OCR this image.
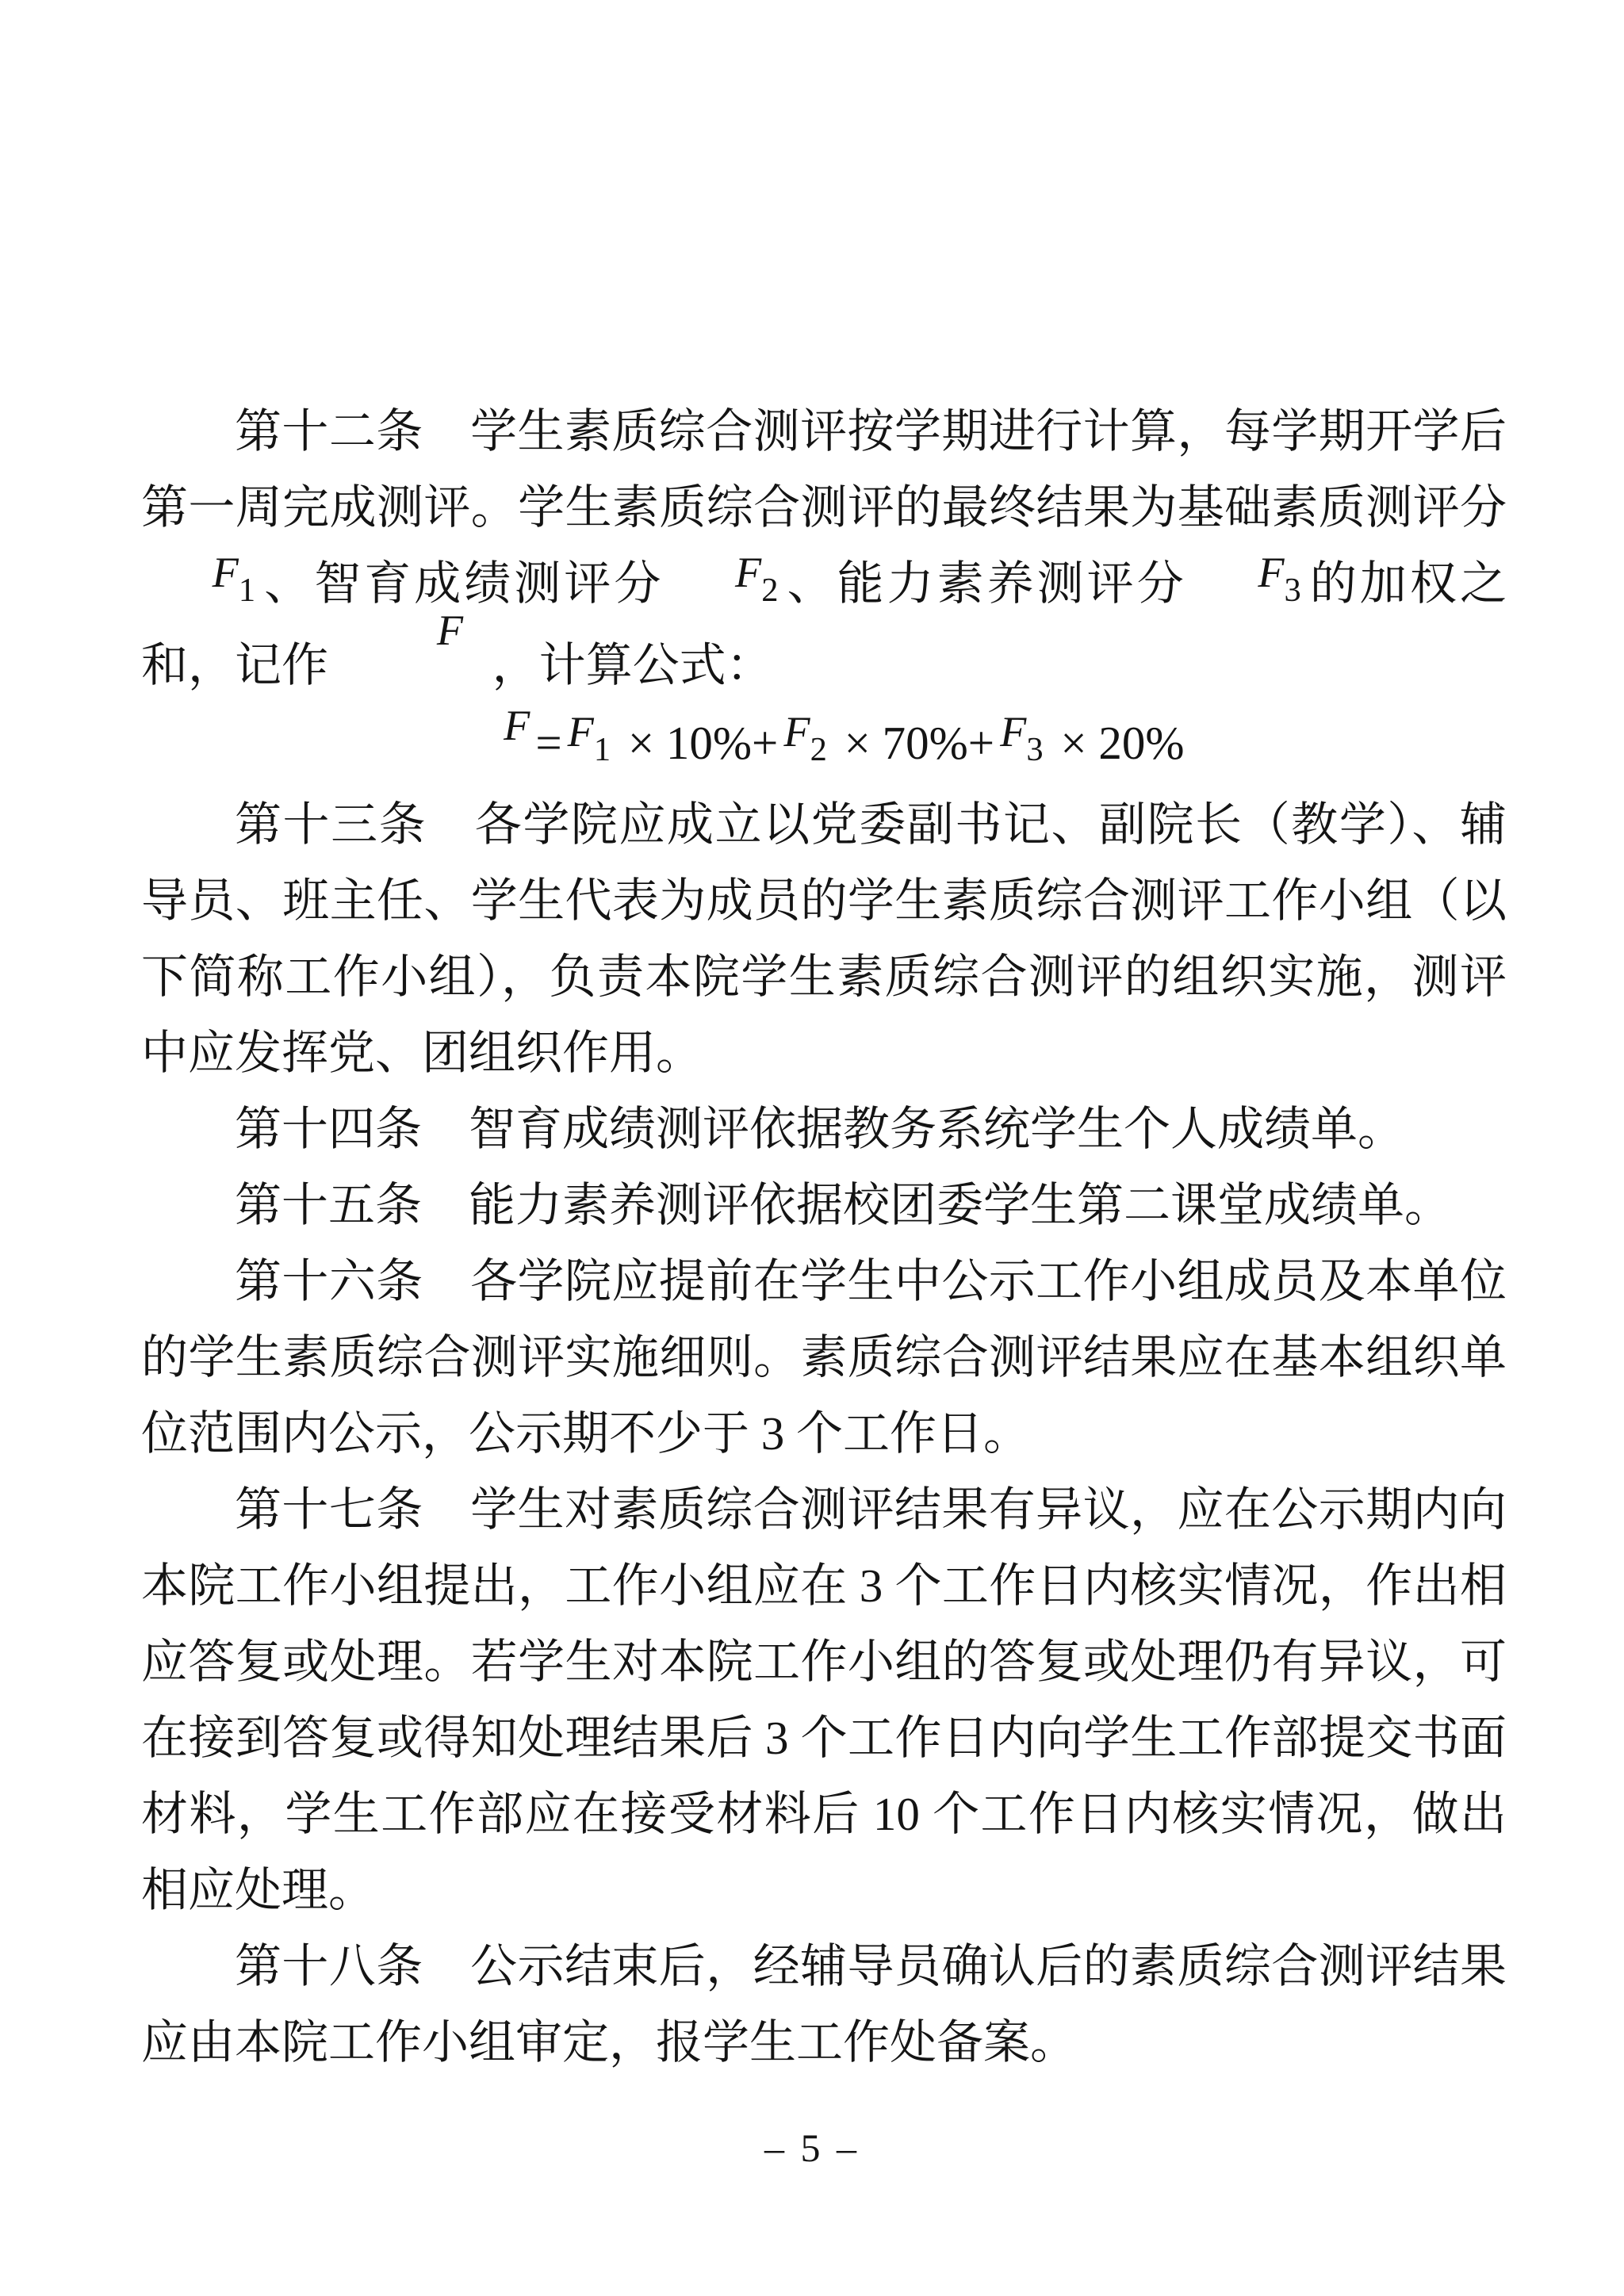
第十二条　学生素质综合测评按学期进行计算，每学期开学后第一周完成测评。学生素质综合测评的最终结果为基础素质测评分F1 、智育成绩测评分 F2 、能力素养测评分 F3 的加权之和，记作F，计算公式：

F = F1 × 10%+ F2 × 70%+ F3 × 20%

第十三条　各学院应成立以党委副书记、副院长（教学）、辅导员、班主任、学生代表为成员的学生素质综合测评工作小组（以下简称工作小组），负责本院学生素质综合测评的组织实施，测评中应发挥党、团组织作用。

第十四条　智育成绩测评依据教务系统学生个人成绩单。

第十五条　能力素养测评依据校团委学生第二课堂成绩单。

第十六条　各学院应提前在学生中公示工作小组成员及本单位的学生素质综合测评实施细则。素质综合测评结果应在基本组织单位范围内公示，公示期不少于 3 个工作日。

第十七条　学生对素质综合测评结果有异议，应在公示期内向本院工作小组提出，工作小组应在 3 个工作日内核实情况，作出相应答复或处理。若学生对本院工作小组的答复或处理仍有异议，可在接到答复或得知处理结果后 3 个工作日内向学生工作部提交书面材料，学生工作部应在接受材料后 10 个工作日内核实情况，做出相应处理。

第十八条　公示结束后，经辅导员确认后的素质综合测评结果应由本院工作小组审定，报学生工作处备案。

– 5 –
